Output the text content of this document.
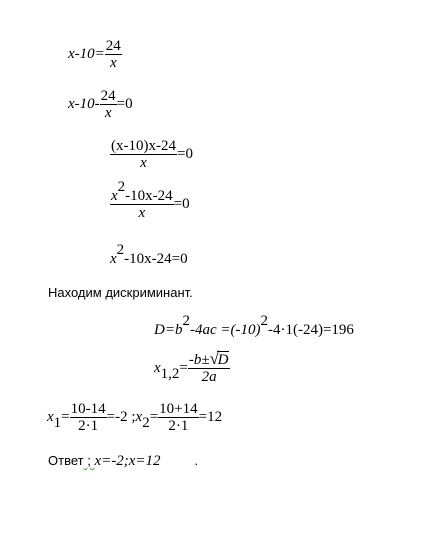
$x-10= \frac{24}{x}$
$x-10- \frac{24}{x} =0$
$\frac{(x-10)x-24}{x} =0$
$\frac{x2-10x-24}{x} =0$
x2-10x-24=0
Находим дискриминант.
D=b2-4ac =(-10)2-4·1(-24)=196
x1,2= -b± √
D
2a
$x1= \frac{10-14}{2\cdot 1} =-2$ ;x2= $\frac{10+14}{2\cdot 1} =12$
Ответ ; x=-2;x=12	.
